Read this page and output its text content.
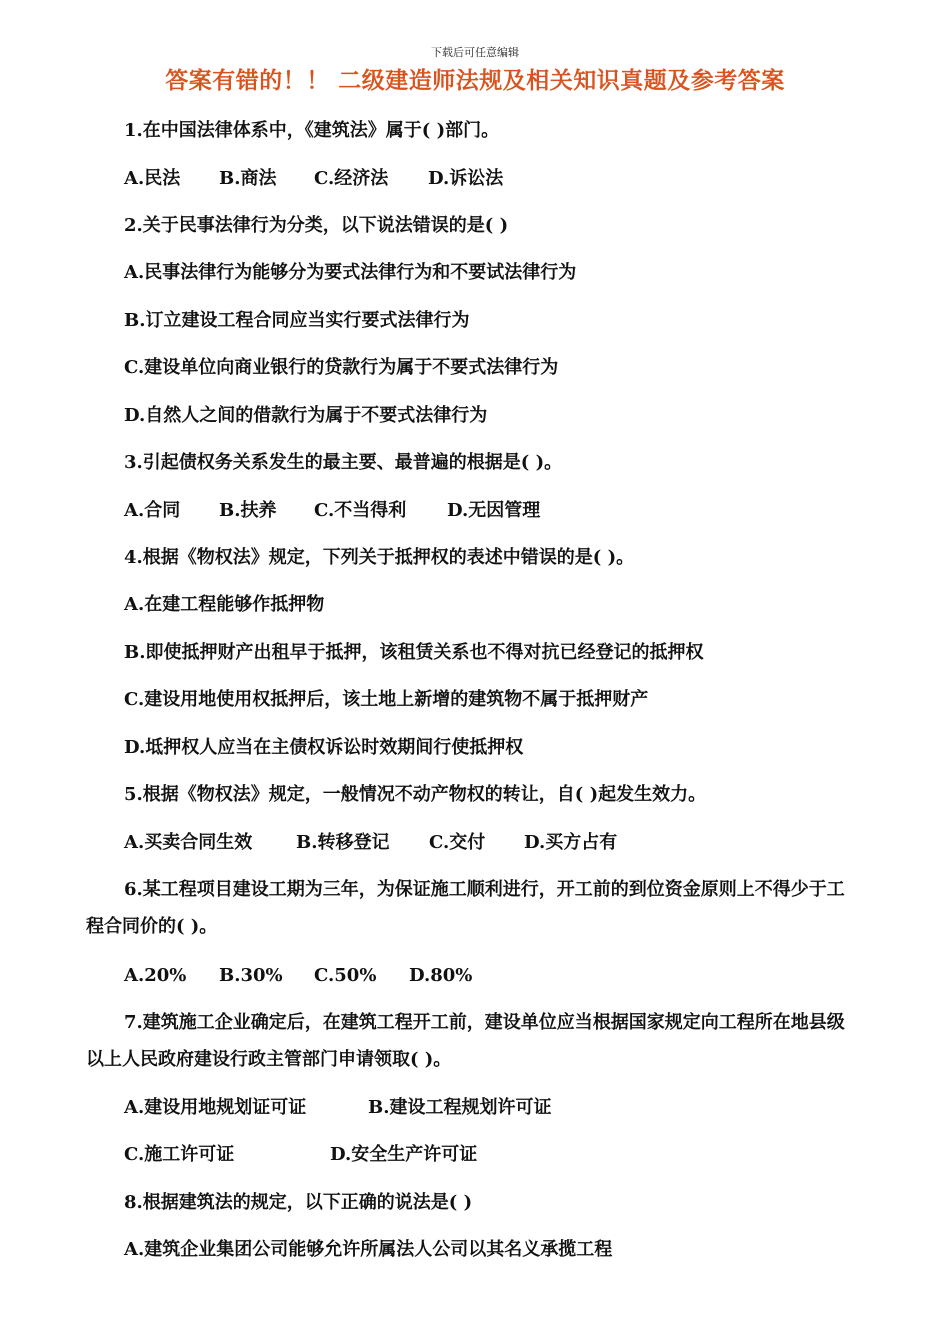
下载后可任意编辑
答案有错的！！ 二级建造师法规及相关知识真题及参考答案
1.在中国法律体系中，《建筑法》属于( )部门。
A.民法 B.商法 C.经济法 D.诉讼法
2.关于民事法律行为分类，以下说法错误的是( )
A.民事法律行为能够分为要式法律行为和不要试法律行为
B.订立建设工程合同应当实行要式法律行为
C.建设单位向商业银行的贷款行为属于不要式法律行为
D.自然人之间的借款行为属于不要式法律行为
3.引起债权务关系发生的最主要、最普遍的根据是( )。
A.合同 B.扶养 C.不当得利 D.无因管理
4.根据《物权法》规定，下列关于抵押权的表述中错误的是( )。
A.在建工程能够作抵押物
B.即使抵押财产出租早于抵押，该租赁关系也不得对抗已经登记的抵押权
C.建设用地使用权抵押后，该土地上新增的建筑物不属于抵押财产
D.坻押权人应当在主债权诉讼时效期间行使抵押权
5.根据《物权法》规定，一般情况不动产物权的转让，自( )起发生效力。
A.买卖合同生效 B.转移登记 C.交付 D.买方占有
6.某工程项目建设工期为三年，为保证施工顺利进行，开工前的到位资金原则上不得少于工程合同价的( )。
A.20% B.30% C.50% D.80%
7.建筑施工企业确定后，在建筑工程开工前，建设单位应当根据国家规定向工程所在地县级以上人民政府建设行政主管部门申请领取( )。
A.建设用地规划证可证	B.建设工程规划许可证
C.施工许可证	D.安全生产许可证
8.根据建筑法的规定，以下正确的说法是( )
A.建筑企业集团公司能够允许所属法人公司以其名义承揽工程
